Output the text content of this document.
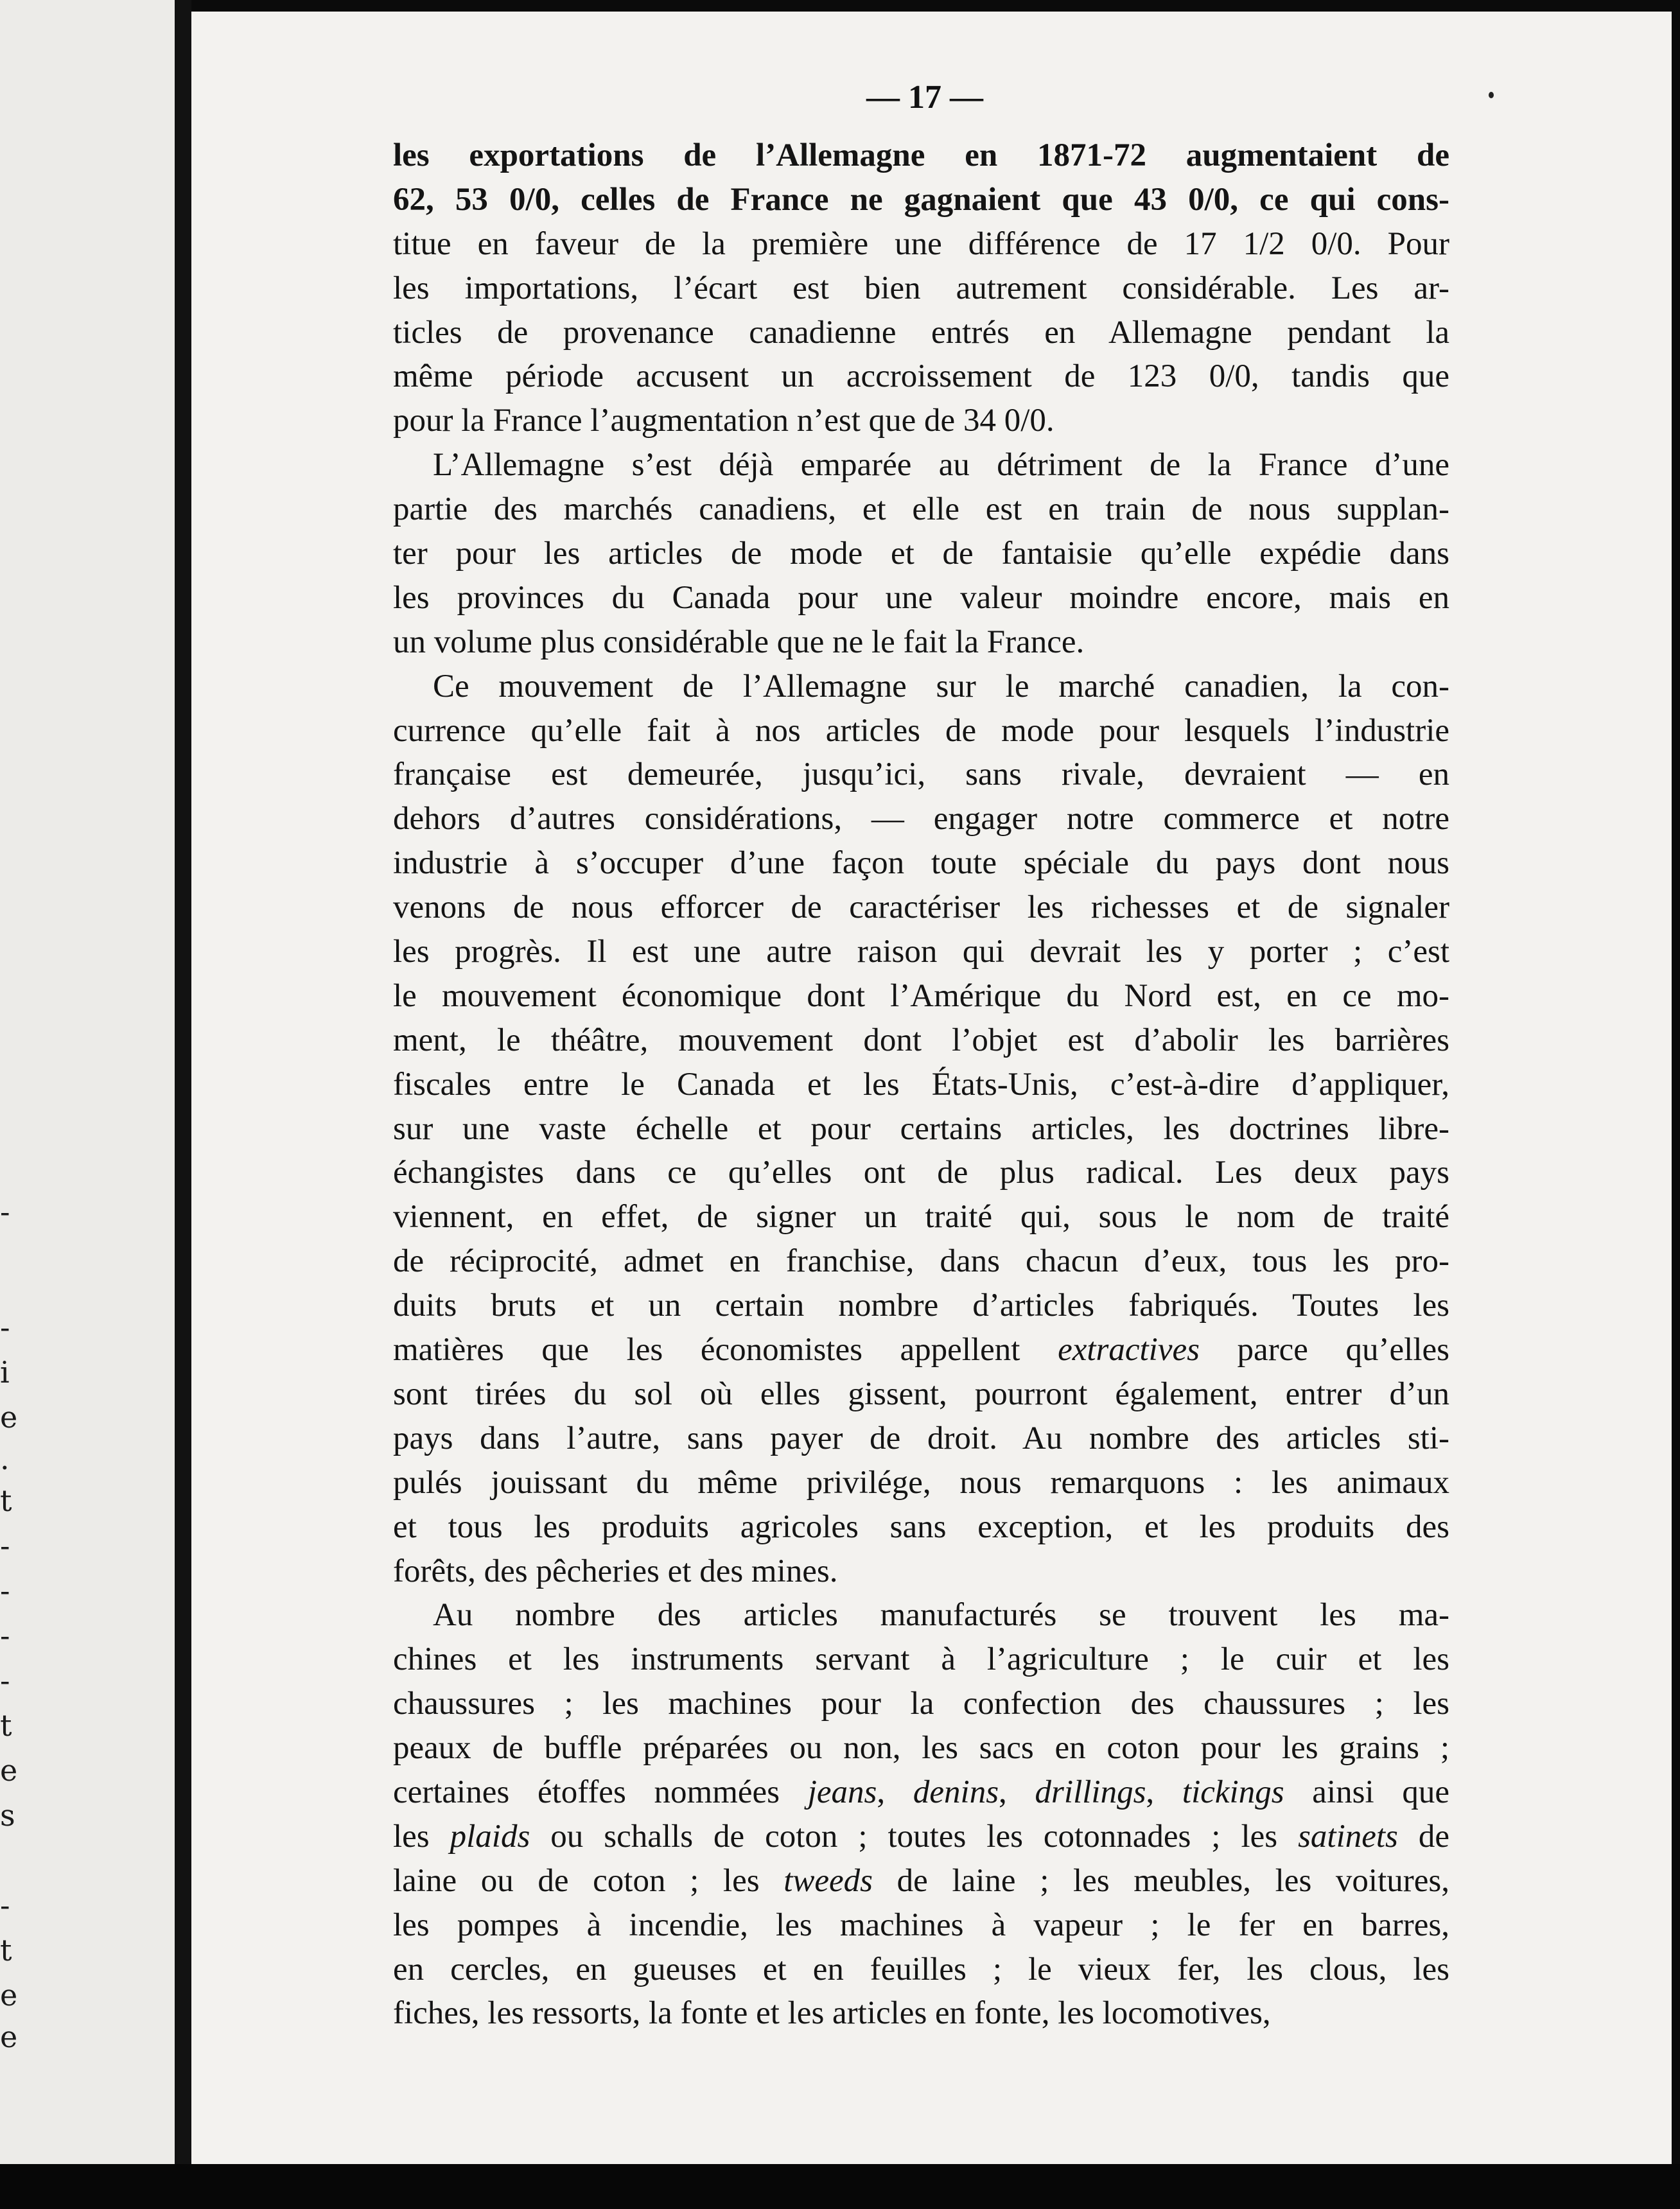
-
-
i
e
.
t
-
-
-
-
t
e
s
-
t
e
e
— 17 —
les exportations de l’Allemagne en 1871-72 augmentaient de
62, 53 0/0, celles de France ne gagnaient que 43 0/0, ce qui cons-
titue en faveur de la première une différence de 17 1/2 0/0. Pour
les importations, l’écart est bien autrement considérable. Les ar-
ticles de provenance canadienne entrés en Allemagne pendant la
même période accusent un accroissement de 123 0/0, tandis que
pour la France l’augmentation n’est que de 34 0/0.
L’Allemagne s’est déjà emparée au détriment de la France d’une
partie des marchés canadiens, et elle est en train de nous supplan-
ter pour les articles de mode et de fantaisie qu’elle expédie dans
les provinces du Canada pour une valeur moindre encore, mais en
un volume plus considérable que ne le fait la France.
Ce mouvement de l’Allemagne sur le marché canadien, la con-
currence qu’elle fait à nos articles de mode pour lesquels l’industrie
française est demeurée, jusqu’ici, sans rivale, devraient — en
dehors d’autres considérations, — engager notre commerce et notre
industrie à s’occuper d’une façon toute spéciale du pays dont nous
venons de nous efforcer de caractériser les richesses et de signaler
les progrès. Il est une autre raison qui devrait les y porter ; c’est
le mouvement économique dont l’Amérique du Nord est, en ce mo-
ment, le théâtre, mouvement dont l’objet est d’abolir les barrières
fiscales entre le Canada et les États-Unis, c’est-à-dire d’appliquer,
sur une vaste échelle et pour certains articles, les doctrines libre-
échangistes dans ce qu’elles ont de plus radical. Les deux pays
viennent, en effet, de signer un traité qui, sous le nom de traité
de réciprocité, admet en franchise, dans chacun d’eux, tous les pro-
duits bruts et un certain nombre d’articles fabriqués. Toutes les
matières que les économistes appellent extractives parce qu’elles
sont tirées du sol où elles gissent, pourront également, entrer d’un
pays dans l’autre, sans payer de droit. Au nombre des articles sti-
pulés jouissant du même privilége, nous remarquons : les animaux
et tous les produits agricoles sans exception, et les produits des
forêts, des pêcheries et des mines.
Au nombre des articles manufacturés se trouvent les ma-
chines et les instruments servant à l’agriculture ; le cuir et les
chaussures ; les machines pour la confection des chaussures ; les
peaux de buffle préparées ou non, les sacs en coton pour les grains ;
certaines étoffes nommées jeans, denins, drillings, tickings ainsi que
les plaids ou schalls de coton ; toutes les cotonnades ; les satinets de
laine ou de coton ; les tweeds de laine ; les meubles, les voitures,
les pompes à incendie, les machines à vapeur ; le fer en barres,
en cercles, en gueuses et en feuilles ; le vieux fer, les clous, les
fiches, les ressorts, la fonte et les articles en fonte, les locomotives,
